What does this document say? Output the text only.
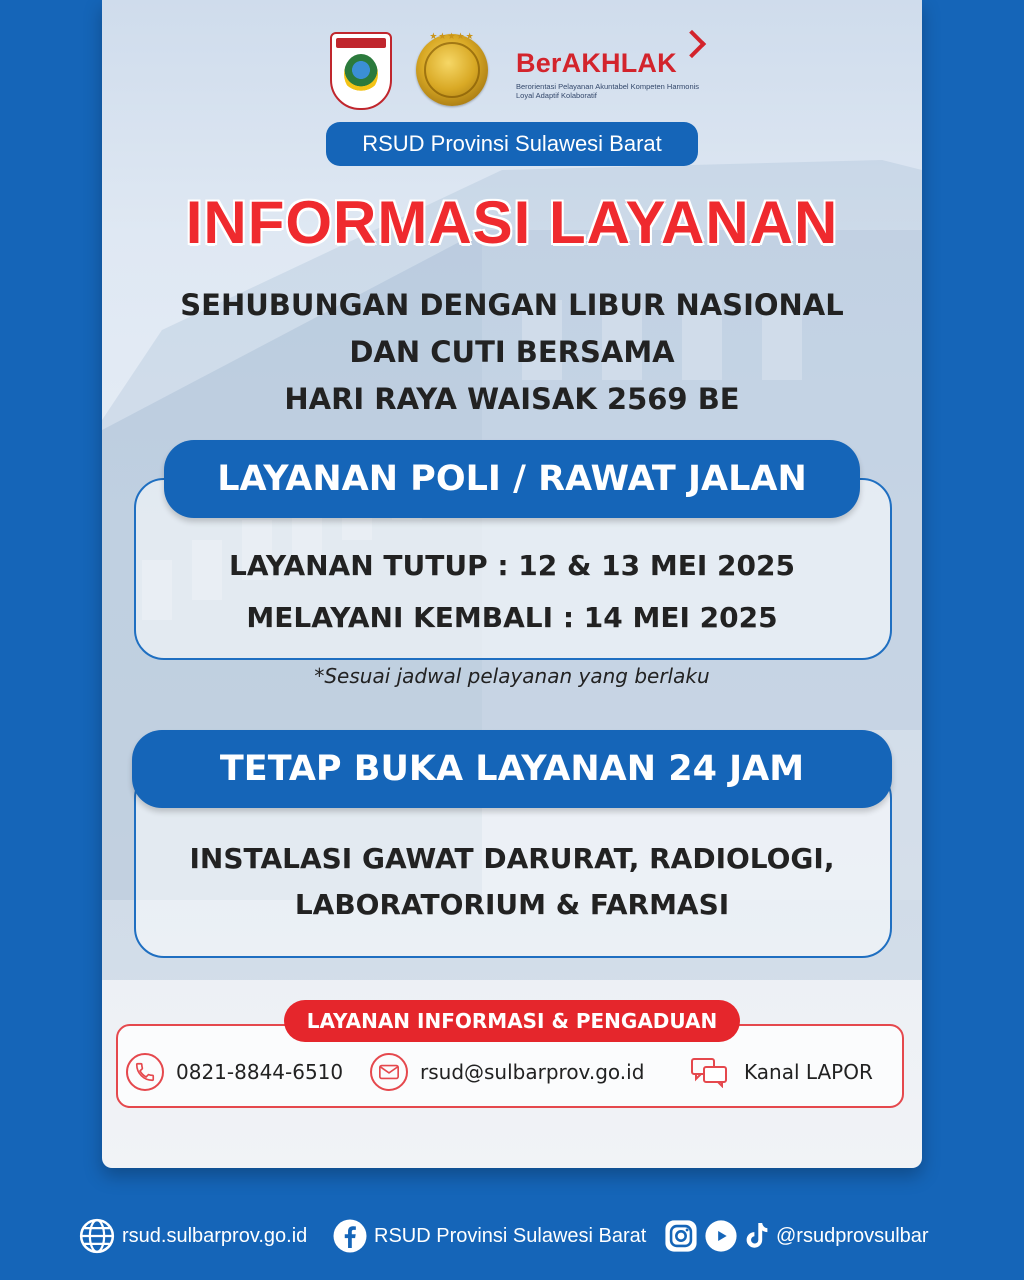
★★★★★
BerAKHLAK
Berorientasi Pelayanan Akuntabel Kompeten Harmonis Loyal Adaptif Kolaboratif
RSUD Provinsi Sulawesi Barat
INFORMASI LAYANAN
SEHUBUNGAN DENGAN LIBUR NASIONAL
DAN CUTI BERSAMA
HARI RAYA WAISAK 2569 BE
LAYANAN POLI / RAWAT JALAN
LAYANAN TUTUP : 12 & 13 MEI 2025
MELAYANI KEMBALI : 14 MEI 2025
*Sesuai jadwal pelayanan yang berlaku
TETAP BUKA LAYANAN 24 JAM
INSTALASI GAWAT DARURAT, RADIOLOGI,
LABORATORIUM & FARMASI
LAYANAN INFORMASI & PENGADUAN
0821-8844-6510	rsud@sulbarprov.go.id	Kanal LAPOR
rsud.sulbarprov.go.id	RSUD Provinsi Sulawesi Barat	@rsudprovsulbar
